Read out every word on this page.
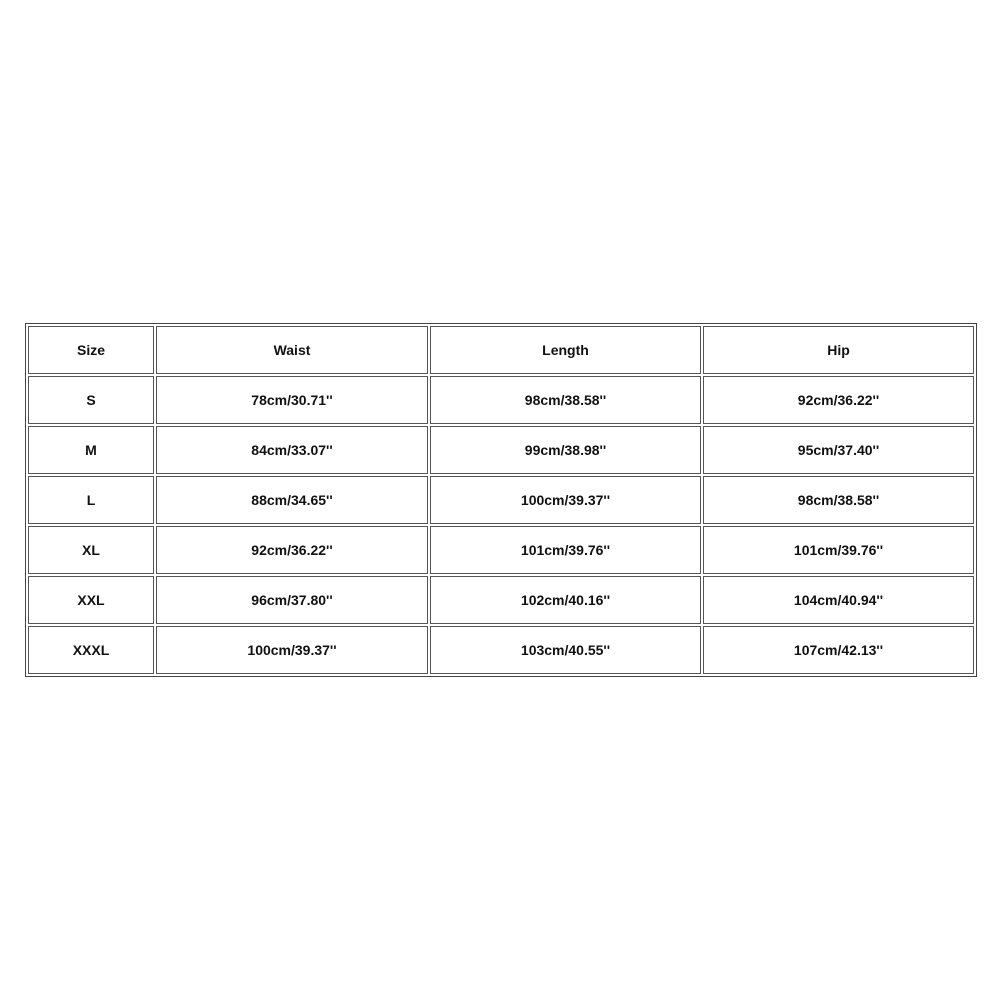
Size	Waist	Length	Hip
S	78cm/30.71''	98cm/38.58''	92cm/36.22''
M	84cm/33.07''	99cm/38.98''	95cm/37.40''
L	88cm/34.65''	100cm/39.37''	98cm/38.58''
XL	92cm/36.22''	101cm/39.76''	101cm/39.76''
XXL	96cm/37.80''	102cm/40.16''	104cm/40.94''
XXXL	100cm/39.37''	103cm/40.55''	107cm/42.13''
